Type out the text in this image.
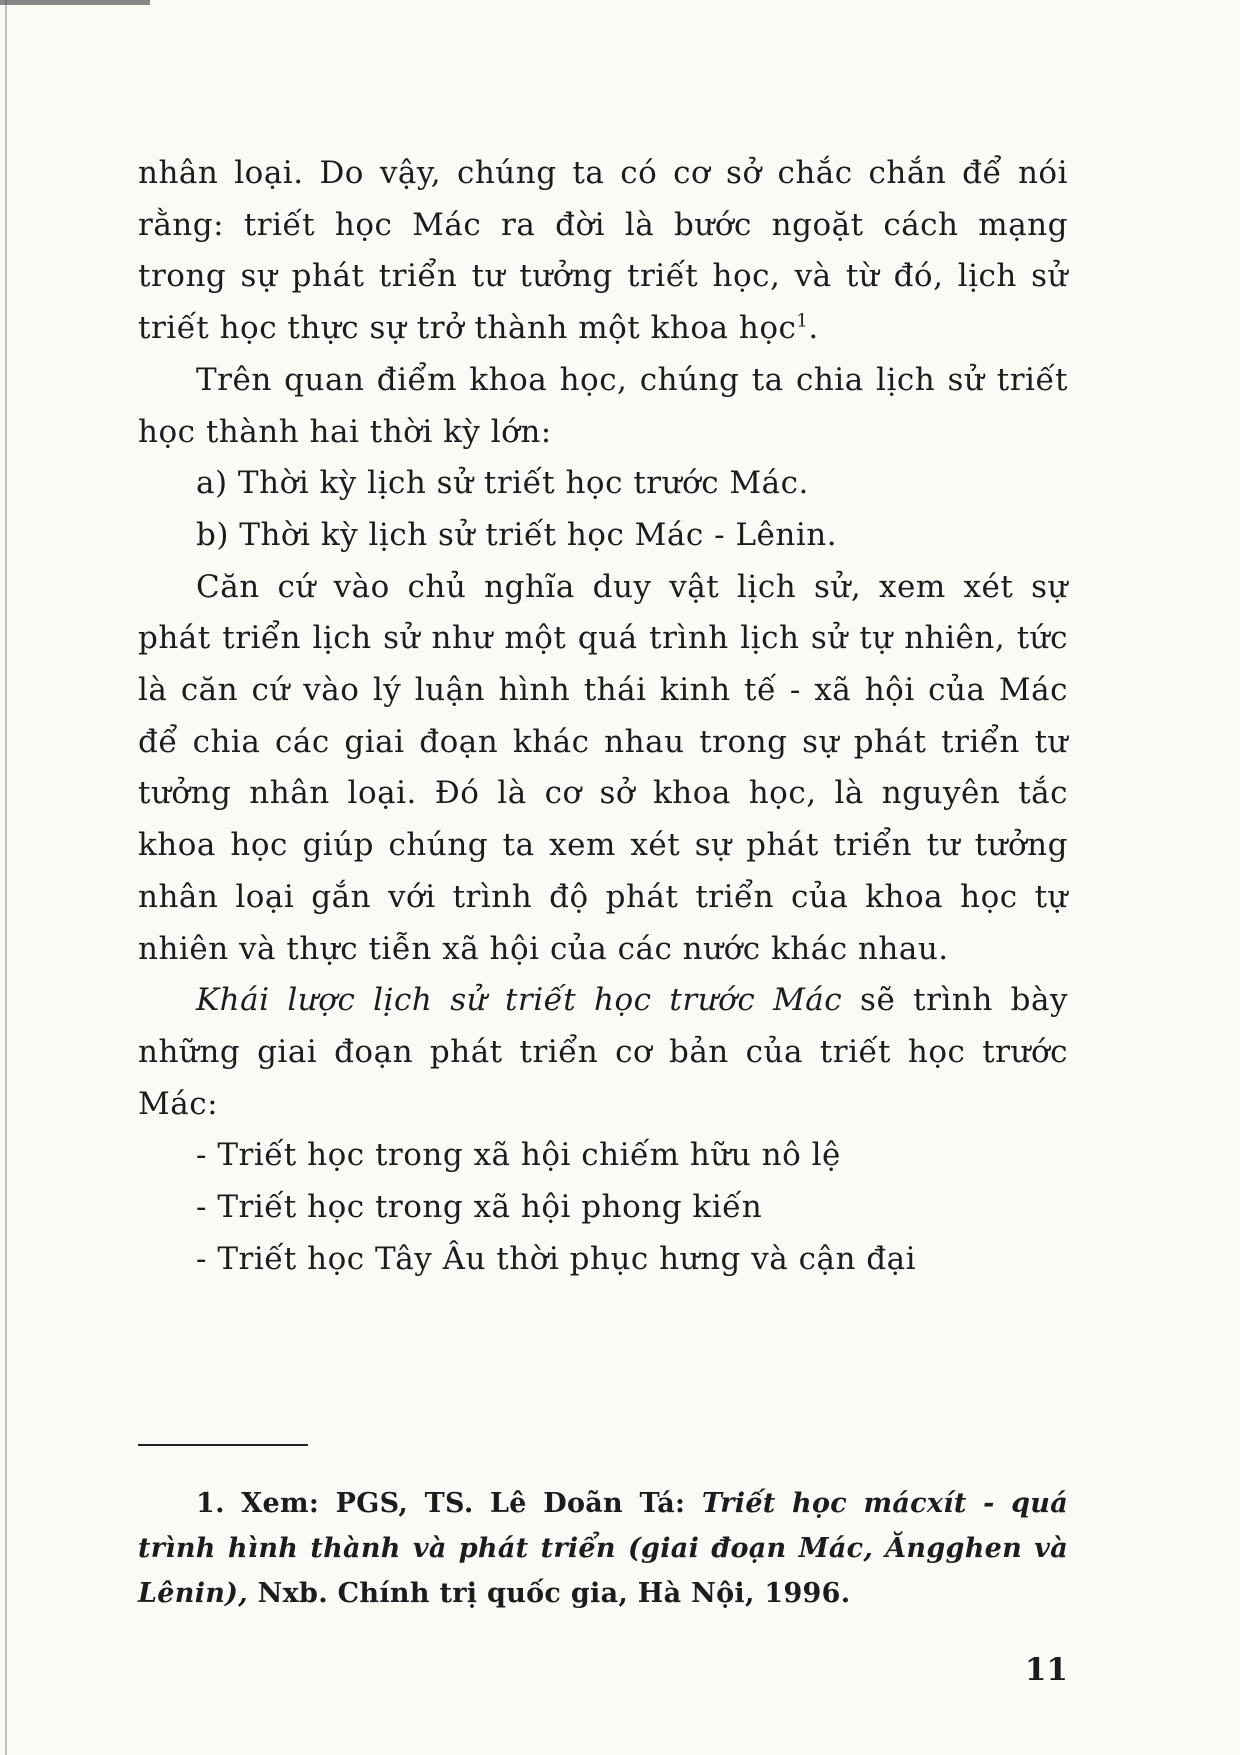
nhân loại. Do vậy, chúng ta có cơ sở chắc chắn để nói rằng: triết học Mác ra đời là bước ngoặt cách mạng trong sự phát triển tư tưởng triết học, và từ đó, lịch sử triết học thực sự trở thành một khoa học$^1$.

Trên quan điểm khoa học, chúng ta chia lịch sử triết học thành hai thời kỳ lớn:

a) Thời kỳ lịch sử triết học trước Mác.

b) Thời kỳ lịch sử triết học Mác - Lênin.

Căn cứ vào chủ nghĩa duy vật lịch sử, xem xét sự phát triển lịch sử như một quá trình lịch sử tự nhiên, tức là căn cứ vào lý luận hình thái kinh tế - xã hội của Mác để chia các giai đoạn khác nhau trong sự phát triển tư tưởng nhân loại. Đó là cơ sở khoa học, là nguyên tắc khoa học giúp chúng ta xem xét sự phát triển tư tưởng nhân loại gắn với trình độ phát triển của khoa học tự nhiên và thực tiễn xã hội của các nước khác nhau.

Khái lược lịch sử triết học trước Mác sẽ trình bày những giai đoạn phát triển cơ bản của triết học trước Mác:

- Triết học trong xã hội chiếm hữu nô lệ

- Triết học trong xã hội phong kiến

- Triết học Tây Âu thời phục hưng và cận đại

1. Xem: PGS, TS. Lê Doãn Tá: Triết học mácxít - quá trình hình thành và phát triển (giai đoạn Mác, Ăngghen và Lênin), Nxb. Chính trị quốc gia, Hà Nội, 1996.

11
